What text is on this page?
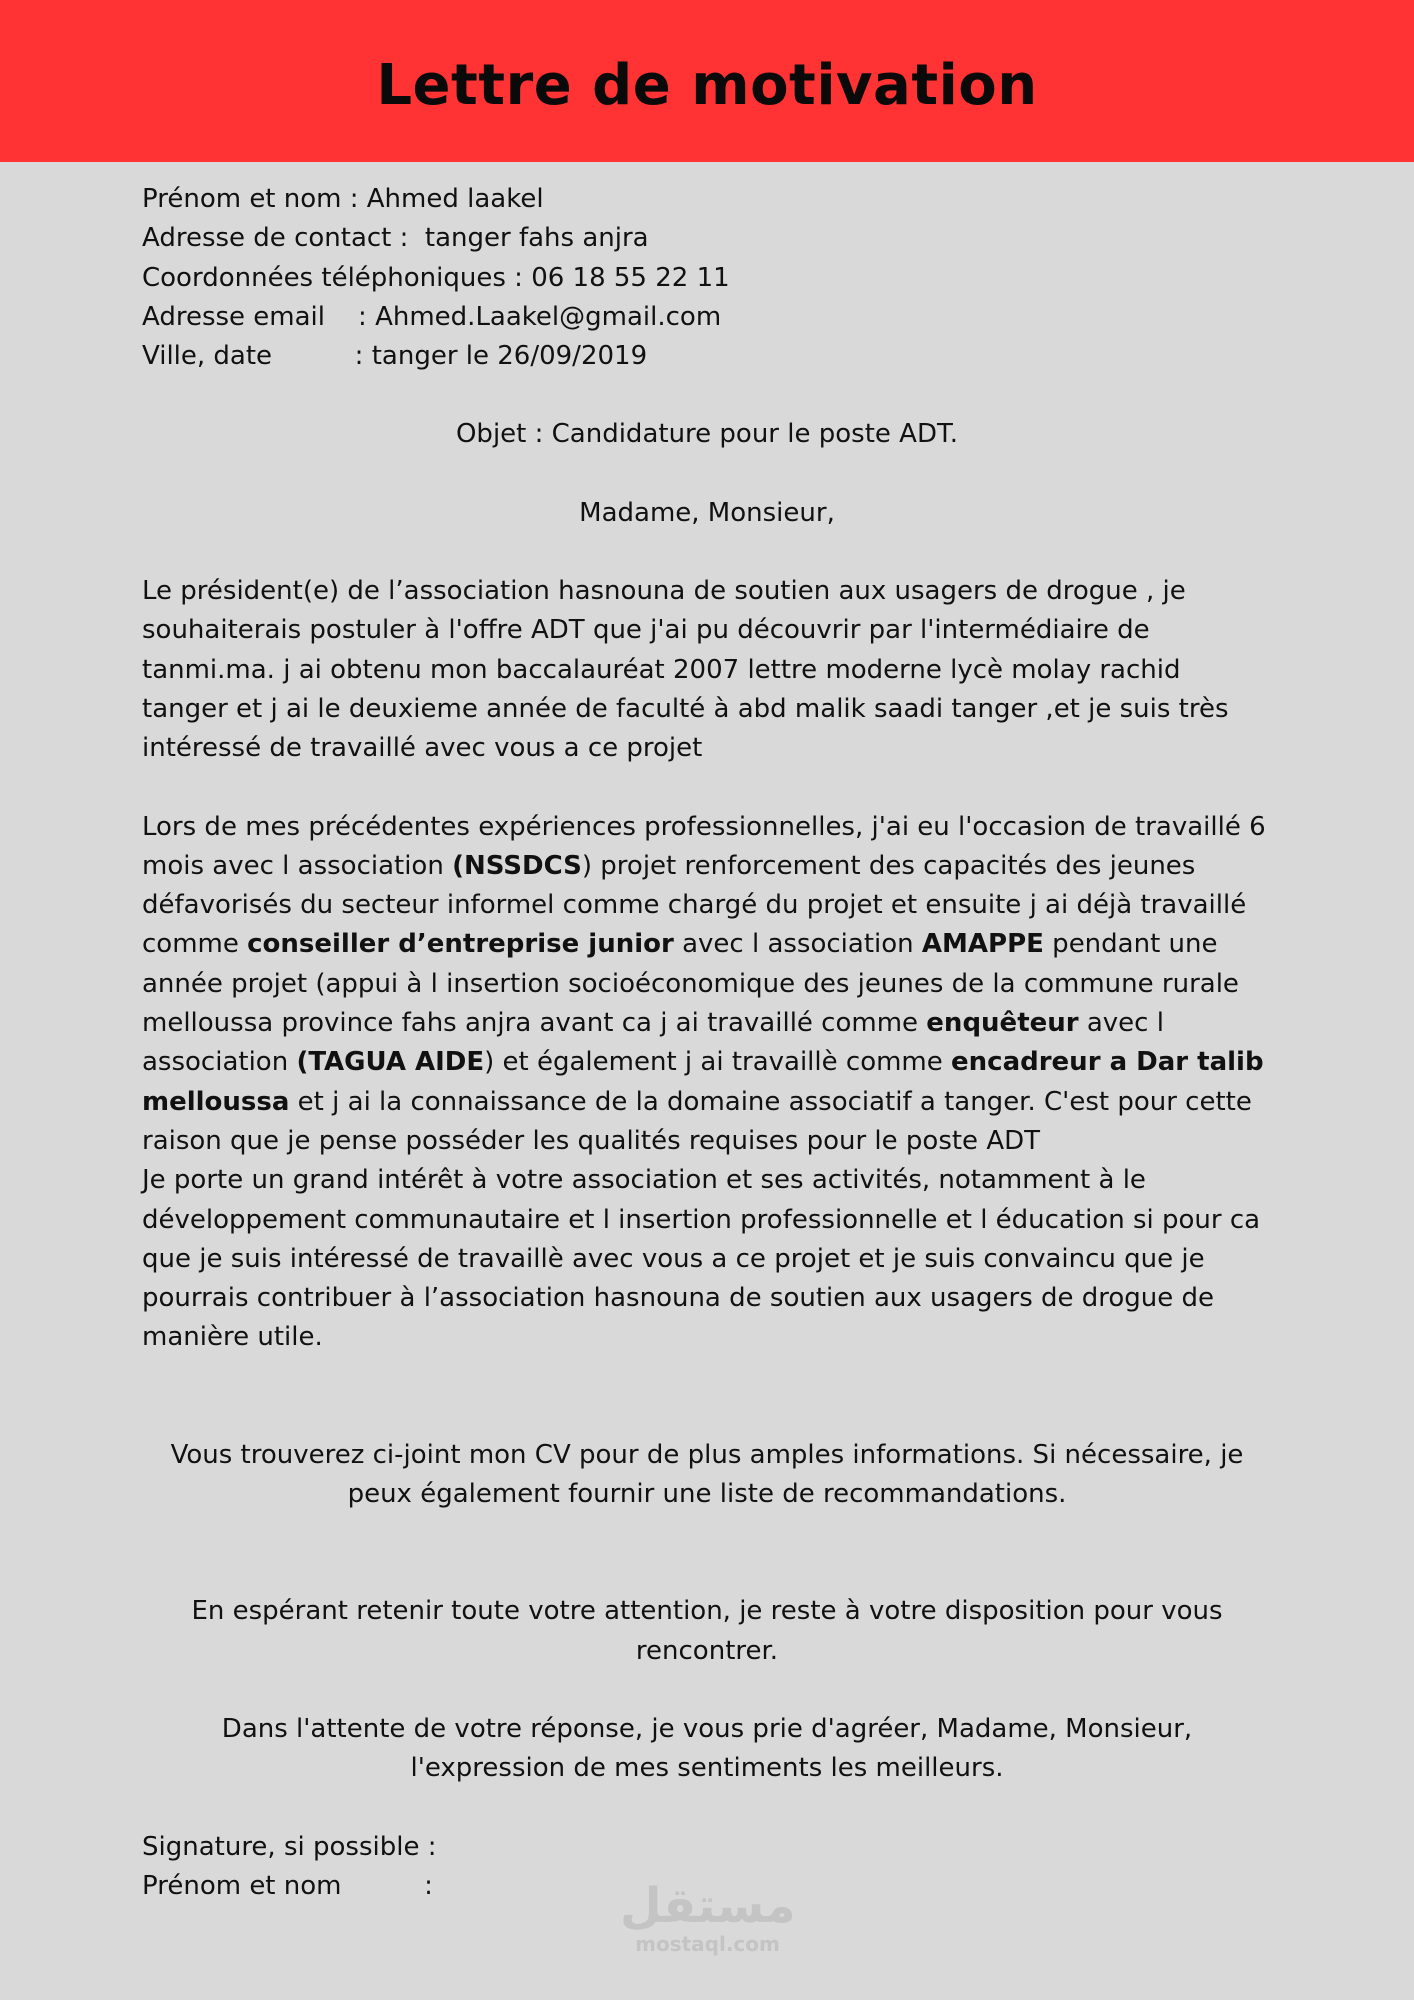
Lettre de motivation

Prénom et nom : Ahmed laakel

Adresse de contact :  tanger fahs anjra

Coordonnées téléphoniques : 06 18 55 22 11

Adresse email    : Ahmed.Laakel@gmail.com

Ville, date          : tanger le 26/09/2019

Objet : Candidature pour le poste ADT.

Madame, Monsieur,

Le président(e) de l’association hasnouna de soutien aux usagers de drogue , je souhaiterais postuler à l'offre ADT que j'ai pu découvrir par l'intermédiaire de tanmi.ma. j ai obtenu mon baccalauréat 2007 lettre moderne lycè molay rachid tanger et j ai le deuxieme année de faculté à abd malik saadi tanger ,et je suis très intéressé de travaillé avec vous a ce projet

Lors de mes précédentes expériences professionnelles, j'ai eu l'occasion de travaillé 6 mois avec l association (NSSDCS) projet renforcement des capacités des jeunes défavorisés du secteur informel comme chargé du projet et ensuite j ai déjà travaillé comme conseiller d’entreprise junior avec l association AMAPPE pendant une année projet (appui à l insertion socioéconomique des jeunes de la commune rurale melloussa province fahs anjra avant ca j ai travaillé comme enquêteur avec l association (TAGUA AIDE) et également j ai travaillè comme encadreur a Dar talib melloussa et j ai la connaissance de la domaine associatif a tanger. C'est pour cette raison que je pense posséder les qualités requises pour le poste ADT

Je porte un grand intérêt à votre association et ses activités, notamment à le développement communautaire et l insertion professionnelle et l éducation si pour ca que je suis intéressé de travaillè avec vous a ce projet et je suis convaincu que je pourrais contribuer à l’association hasnouna de soutien aux usagers de drogue de manière utile.

Vous trouverez ci-joint mon CV pour de plus amples informations. Si nécessaire, je peux également fournir une liste de recommandations.

En espérant retenir toute votre attention, je reste à votre disposition pour vous rencontrer.

Dans l'attente de votre réponse, je vous prie d'agréer, Madame, Monsieur, l'expression de mes sentiments les meilleurs.

Signature, si possible :

Prénom et nom          :	مستقل
mostaql.com
